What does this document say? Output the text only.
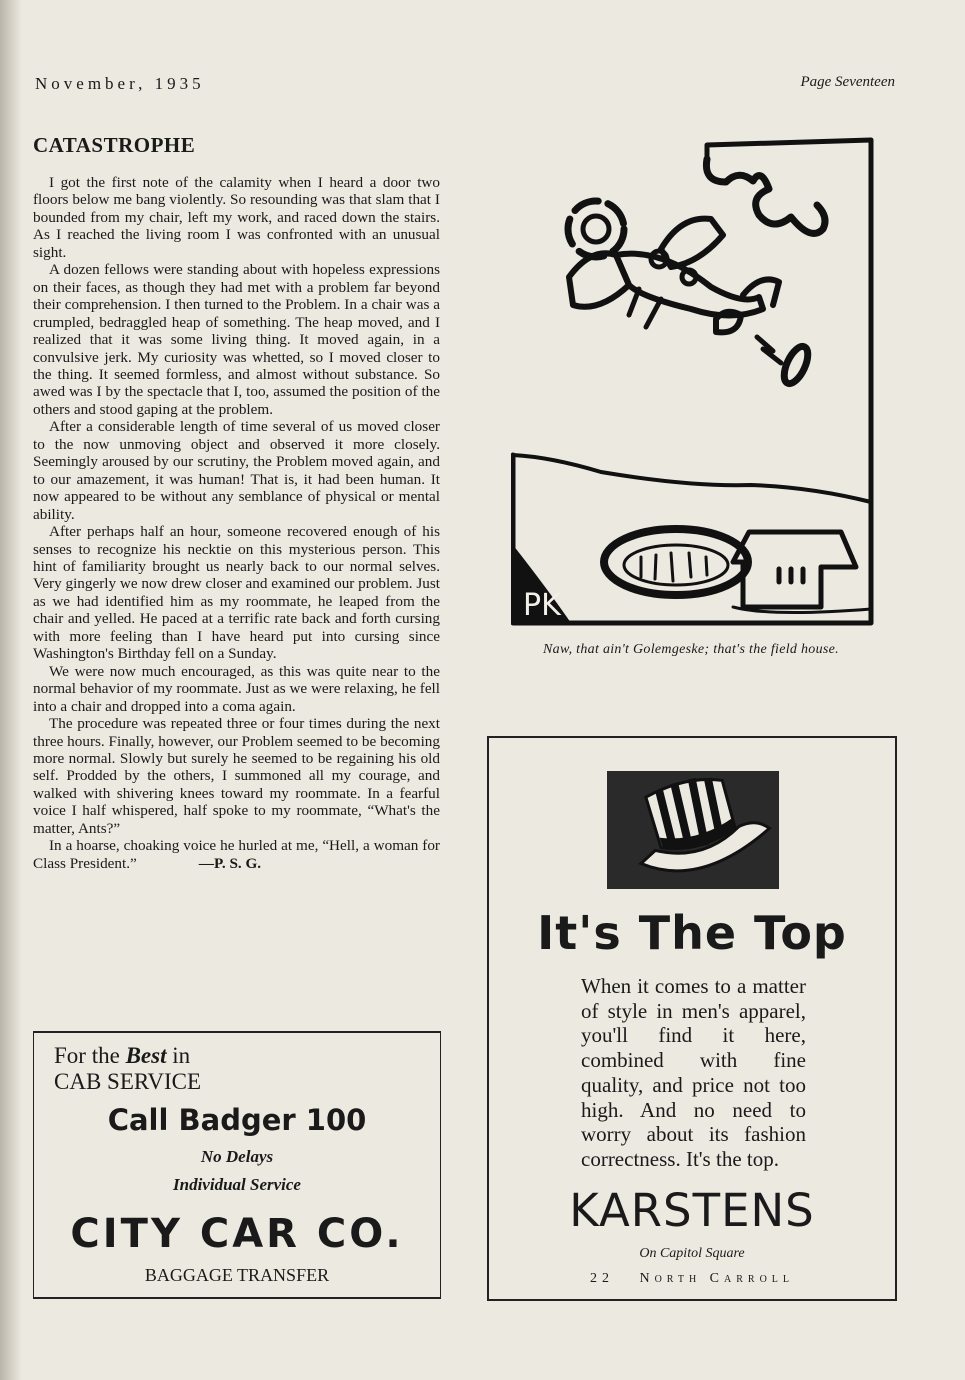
November, 1935	Page Seventeen
CATASTROPHE

I got the first note of the calamity when I heard a door two floors below me bang violently. So resounding was that slam that I bounded from my chair, left my work, and raced down the stairs. As I reached the living room I was confronted with an unusual sight.

A dozen fellows were standing about with hopeless expressions on their faces, as though they had met with a problem far beyond their comprehension. I then turned to the Problem. In a chair was a crumpled, bedraggled heap of something. The heap moved, and I realized that it was some living thing. It moved again, in a convulsive jerk. My curiosity was whetted, so I moved closer to the thing. It seemed formless, and almost without substance. So awed was I by the spectacle that I, too, assumed the position of the others and stood gaping at the problem.

After a considerable length of time several of us moved closer to the now unmoving object and observed it more closely. Seemingly aroused by our scrutiny, the Problem moved again, and to our amazement, it was human! That is, it had been human. It now appeared to be without any semblance of physical or mental ability.

After perhaps half an hour, someone recovered enough of his senses to recognize his necktie on this mysterious person. This hint of familiarity brought us nearly back to our normal selves. Very gingerly we now drew closer and examined our problem. Just as we had identified him as my roommate, he leaped from the chair and yelled. He paced at a terrific rate back and forth cursing with more feeling than I have heard put into cursing since Washington's Birthday fell on a Sunday.

We were now much encouraged, as this was quite near to the normal behavior of my roommate. Just as we were relaxing, he fell into a chair and dropped into a coma again.

The procedure was repeated three or four times during the next three hours. Finally, however, our Problem seemed to be becoming more normal. Slowly but surely he seemed to be regaining his old self. Prodded by the others, I summoned all my courage, and walked with shivering knees toward my roommate. In a fearful voice I half whispered, half spoke to my roommate, “What's the matter, Ants?”

In a hoarse, choaking voice he hurled at me, “Hell, a woman for Class President.”	—P. S. G.

For the Best in
CAB SERVICE
Call Badger 100
No Delays
Individual Service
CITY CAR CO.
BAGGAGE TRANSFER
PK
Naw, that ain't Golemgeske; that's the field house.
It's The Top
When it comes to a matter of style in men's apparel, you'll find it here, combined with fine quality, and price not too high. And no need to worry about its fashion correctness. It's the top.
KARSTENS
On Capitol Square
22 North Carroll
